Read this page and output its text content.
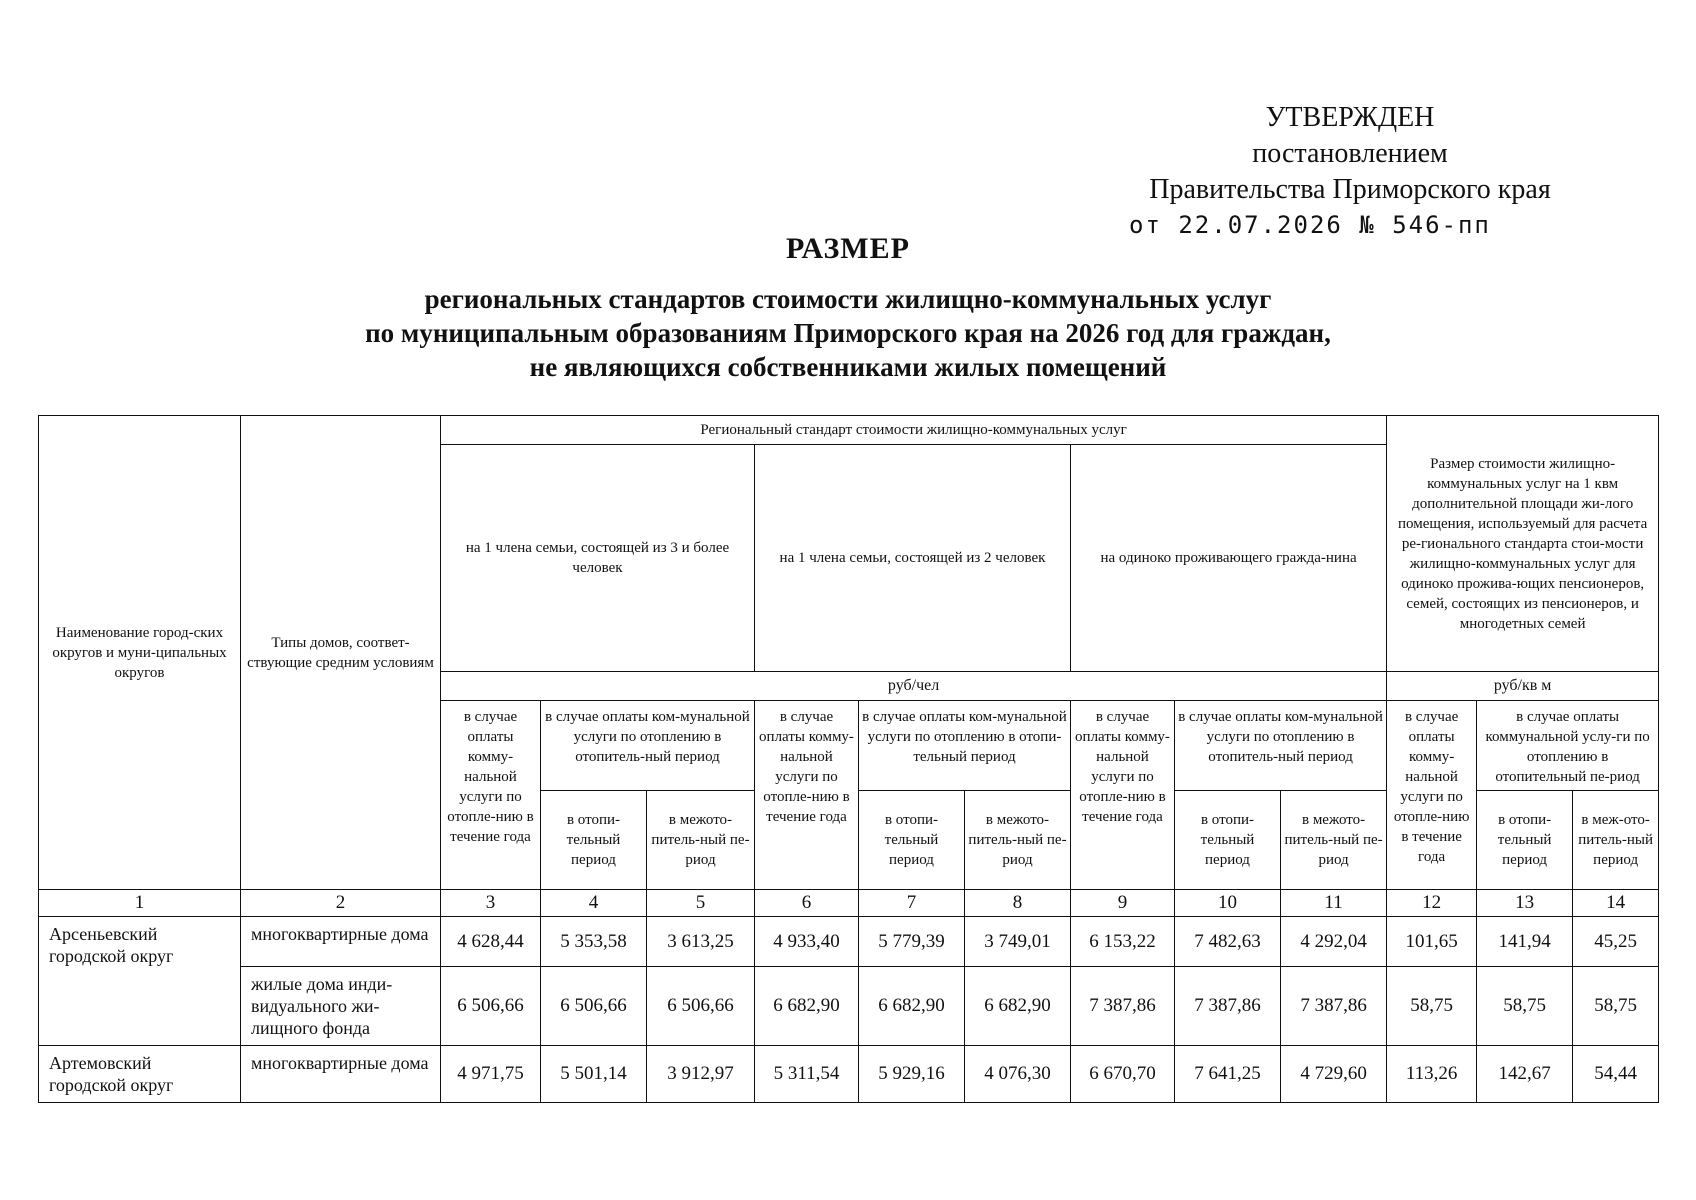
УТВЕРЖДЕН
постановлением
Правительства Приморского края
от 22.07.2026 № 546-пп
РАЗМЕР
региональных стандартов стоимости жилищно-коммунальных услуг
по муниципальным образованиям Приморского края на 2026 год для граждан,
не являющихся собственниками жилых помещений
Наименование город-ских округов и муни-ципальных округов	Типы домов, соответ-ствующие средним условиям	Региональный стандарт стоимости жилищно-коммунальных услуг									Размер стоимости жилищно-коммунальных услуг на 1 квм дополнительной площади жи-лого помещения, используемый для расчета ре-гионального стандарта стои-мости жилищно-коммунальных услуг для одиноко прожива-ющих пенсионеров, семей, состоящих из пенсионеров, и многодетных семей		
		на 1 члена семьи, состоящей из 3 и более человек			на 1 члена семьи, состоящей из 2 человек			на одиноко проживающего гражда-нина					
		руб/чел									руб/кв м		
		в случае оплаты комму-нальной услуги по отопле-нию в течение года	в случае оплаты ком-мунальной услуги по отоплению в отопитель-ный период		в случае оплаты комму-нальной услуги по отопле-нию в течение года	в случае оплаты ком-мунальной услуги по отоплению в отопи-тельный период		в случае оплаты комму-нальной услуги по отопле-нию в течение года	в случае оплаты ком-мунальной услуги по отоплению в отопитель-ный период		в случае оплаты комму-нальной услуги по отопле-нию в течение года	в случае оплаты коммунальной услу-ги по отоплению в отопительный пе-риод	
			в отопи-тельный период	в межото-питель-ный пе-риод		в отопи-тельный период	в межото-питель-ный пе-риод		в отопи-тельный период	в межото-питель-ный пе-риод		в отопи-тельный период	в меж-ото-питель-ный период
1	2	3	4	5	6	7	8	9	10	11	12	13	14
Арсеньевский городской округ	многоквартирные дома	4 628,44	5 353,58	3 613,25	4 933,40	5 779,39	3 749,01	6 153,22	7 482,63	4 292,04	101,65	141,94	45,25
	жилые дома инди-видуального жи-лищного фонда	6 506,66	6 506,66	6 506,66	6 682,90	6 682,90	6 682,90	7 387,86	7 387,86	7 387,86	58,75	58,75	58,75
Артемовский городской округ	многоквартирные дома	4 971,75	5 501,14	3 912,97	5 311,54	5 929,16	4 076,30	6 670,70	7 641,25	4 729,60	113,26	142,67	54,44
